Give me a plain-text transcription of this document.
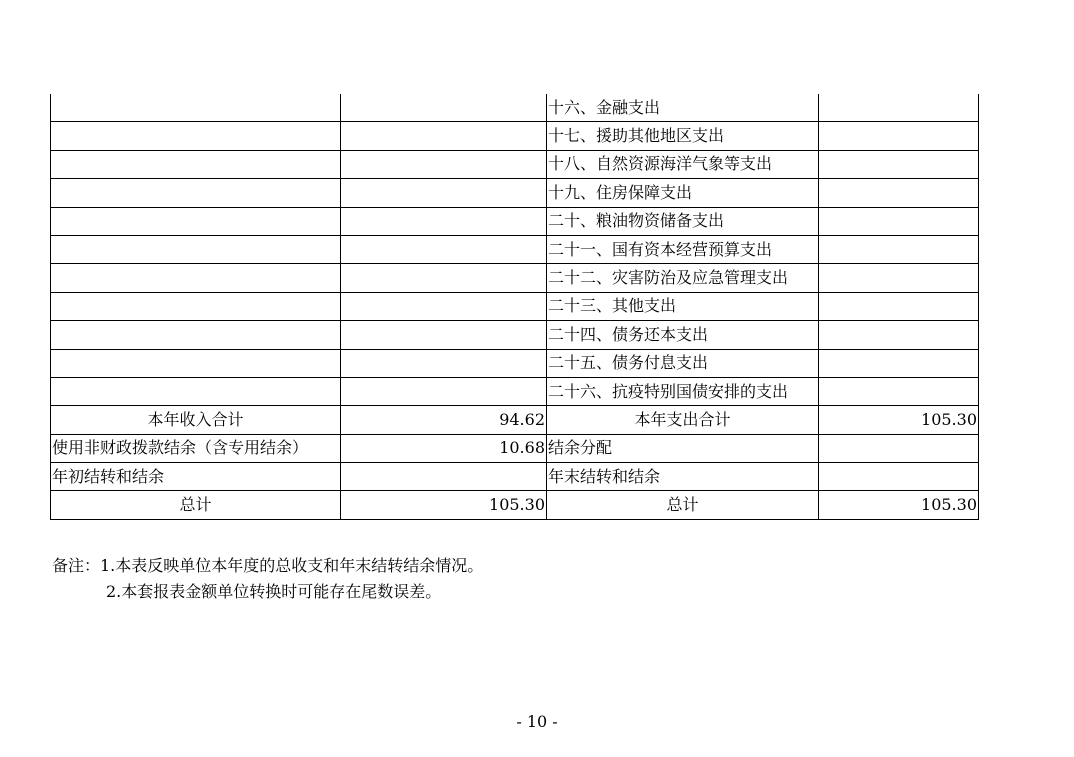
		十六、金融支出	
		十七、援助其他地区支出	
		十八、自然资源海洋气象等支出	
		十九、住房保障支出	
		二十、粮油物资储备支出	
		二十一、国有资本经营预算支出	
		二十二、灾害防治及应急管理支出	
		二十三、其他支出	
		二十四、债务还本支出	
		二十五、债务付息支出	
		二十六、抗疫特别国债安排的支出	
本年收入合计	94.62	本年支出合计	105.30
使用非财政拨款结余（含专用结余）	10.68	结余分配	
年初结转和结余		年末结转和结余	
总计	105.30	总计	105.30
备注：1.本表反映单位本年度的总收支和年末结转结余情况。
2.本套报表金额单位转换时可能存在尾数误差。
- 10 -
